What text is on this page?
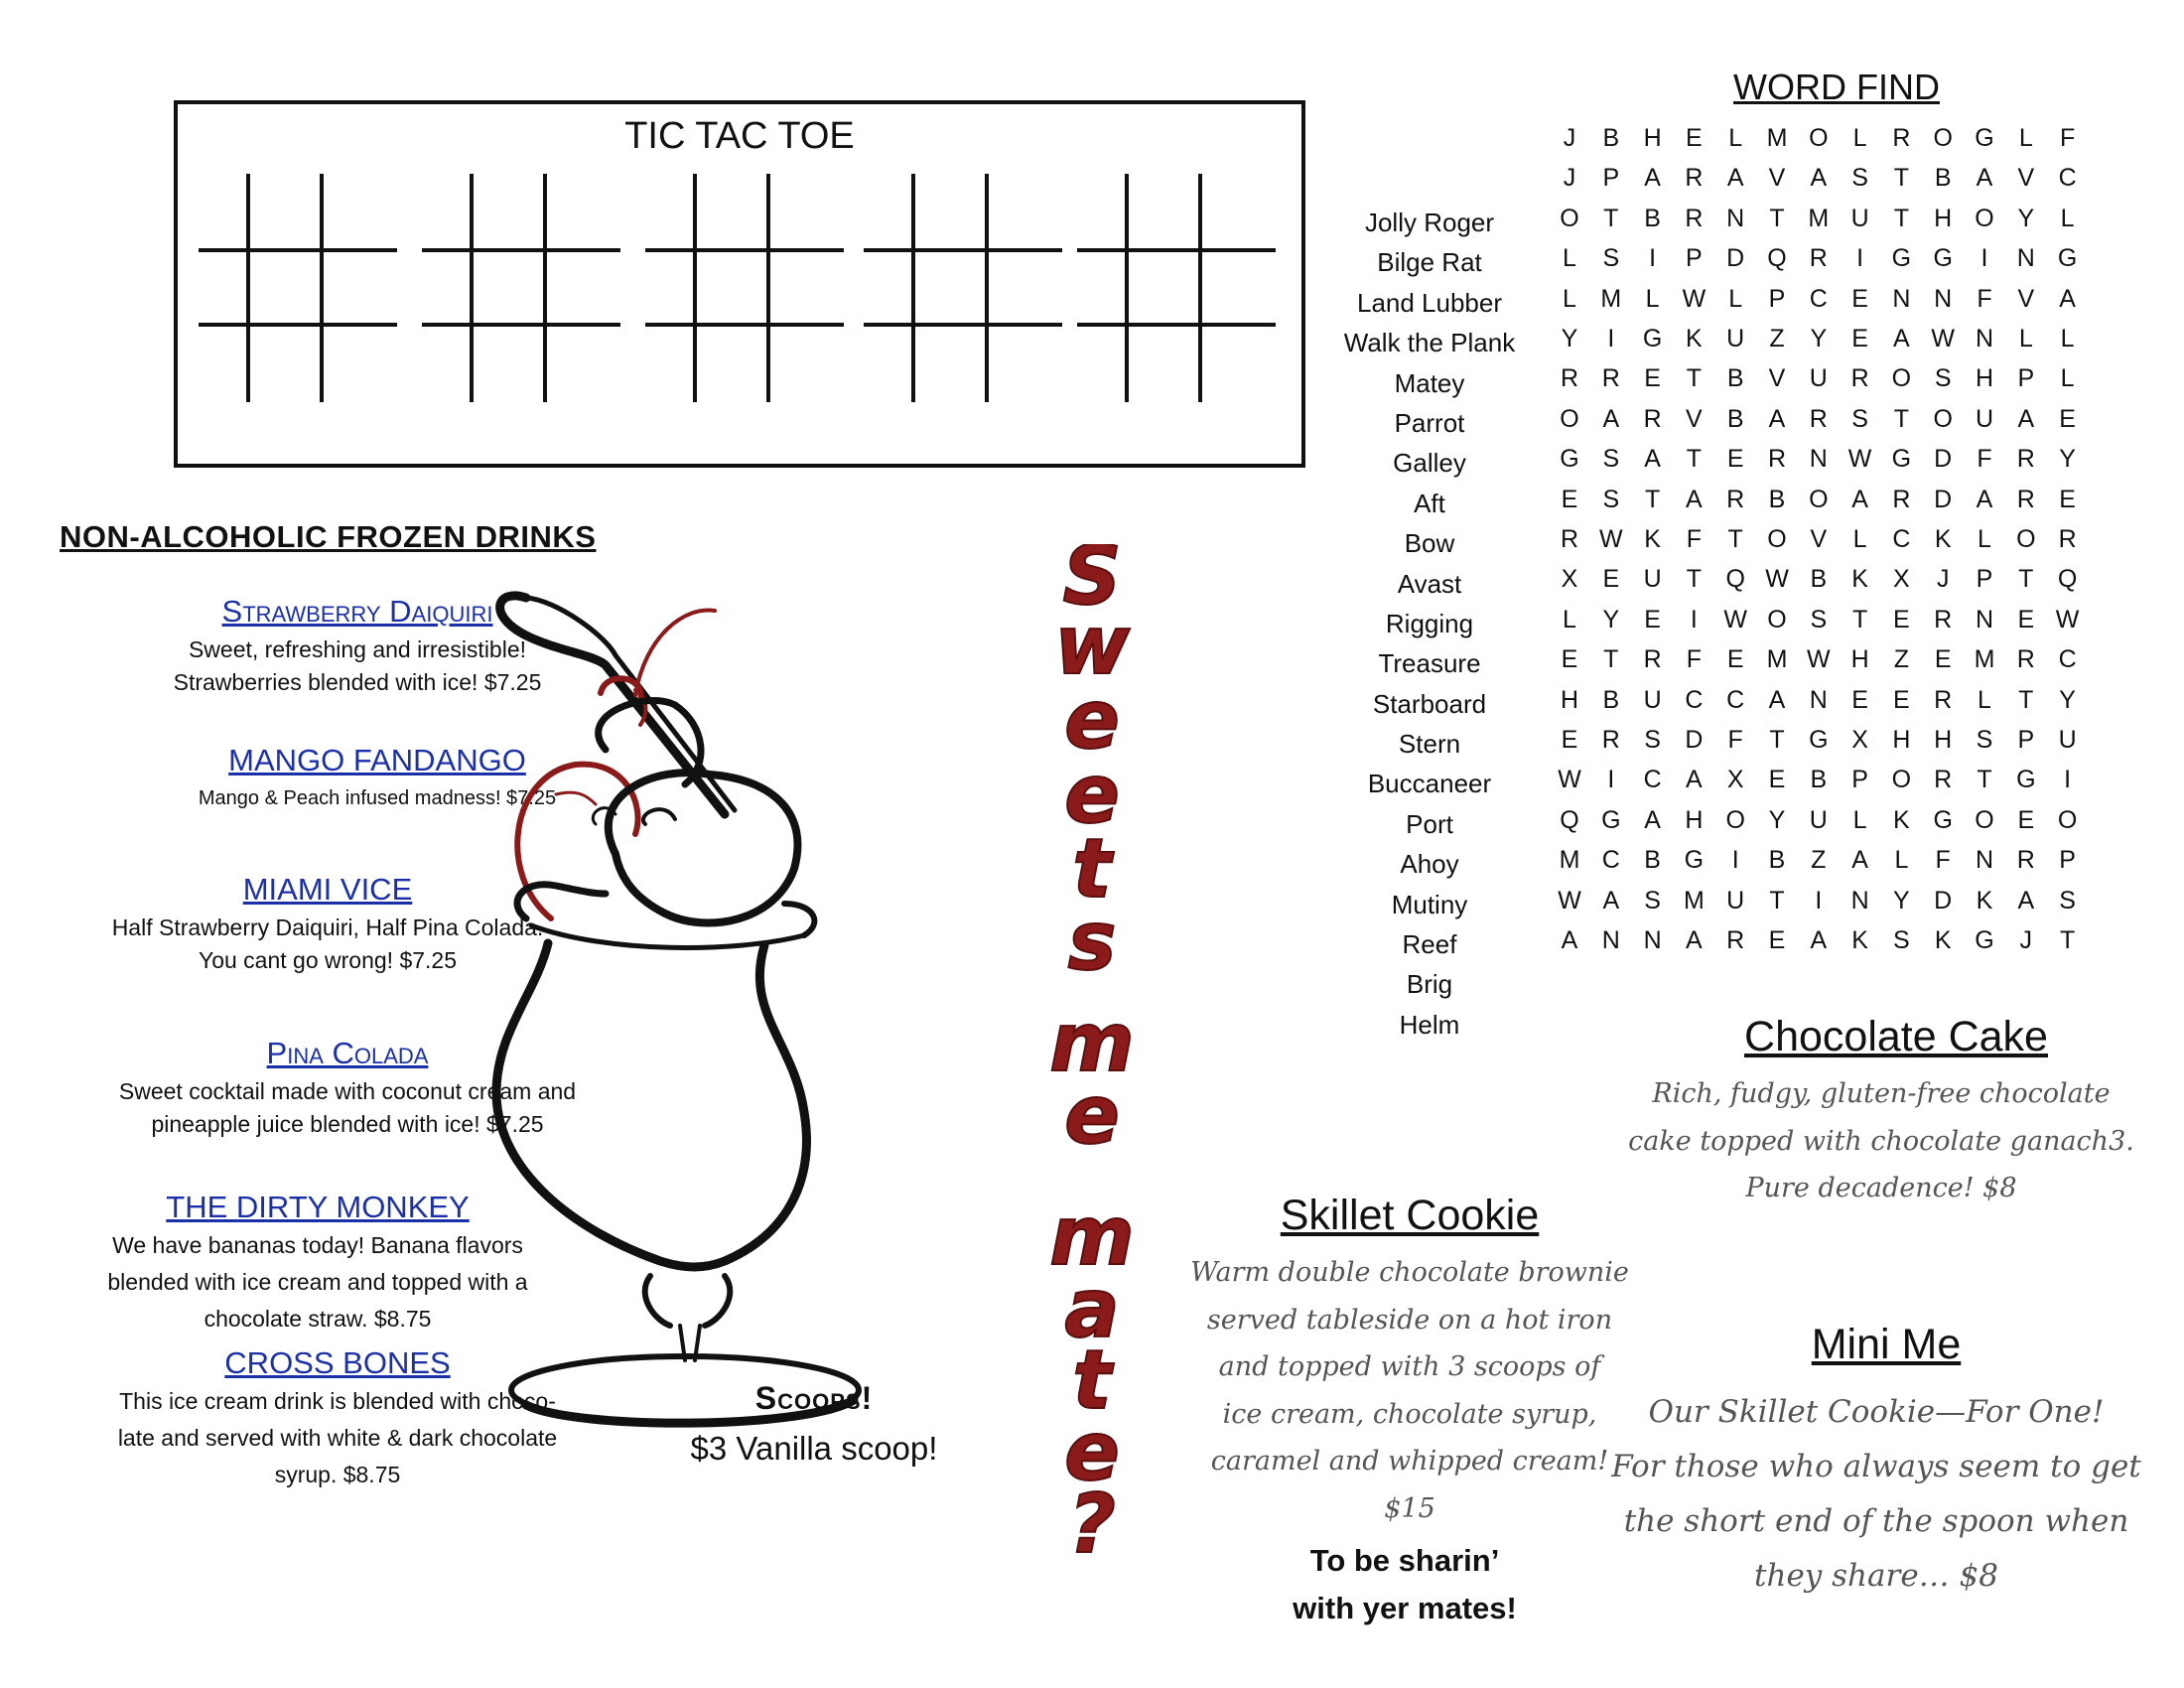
TIC TAC TOE
NON-ALCOHOLIC FROZEN DRINKS
Strawberry Daiquiri
Sweet, refreshing and irresistible!
Strawberries blended with ice! $7.25
MANGO FANDANGO
Mango & Peach infused madness! $7.25
MIAMI VICE
Half Strawberry Daiquiri, Half Pina Colada.
You cant go wrong! $7.25
Pina Colada
Sweet cocktail made with coconut cream and
pineapple juice blended with ice! $7.25
THE DIRTY MONKEY
We have bananas today! Banana flavors
blended with ice cream and topped with a
chocolate straw. $8.75
CROSS BONES
This ice cream drink is blended with choco-
late and served with white & dark chocolate
syrup. $8.75
S
w
e
e
t
s
m
e
m
a
t
e
?
Scoops!
$3 Vanilla scoop!
WORD FIND
Jolly Roger
Bilge Rat
Land Lubber
Walk the Plank
Matey
Parrot
Galley
Aft
Bow
Avast
Rigging
Treasure
Starboard
Stern
Buccaneer
Port
Ahoy
Mutiny
Reef
Brig
Helm
J	B H E	L M O	L	R O G	L	F
J	P	A R A	V	A	S	T	B	A	V C
O T	B R N	T M U	T	H O Y	L
L	S	I	P D Q R	I	G G	I	N G
L M L W L	P C E N N	F	V	A
Y	I	G K U	Z	Y	E	A W N	L	L
R R E	T	B	V U R O S H P	L
O A R V	B	A R S	T O U A	E
G S	A	T	E R N W G D	F	R Y
E	S	T	A R B O A R D A R E
R W K	F	T O V	L	C K	L	O R
X	E U	T Q W B	K	X	J	P	T Q
L	Y	E	I	W O S	T	E R N E W
E	T	R	F	E M W H	Z	E M R C
H B U C C A N E	E R	L	T	Y
E R S D	F	T G X H H S	P U
W	I	C A	X	E	B	P O R	T G	I
Q G A H O Y U	L	K G O E O
M C B G	I	B	Z	A	L	F	N R P
W A	S M U	T	I	N Y D K	A	S
A N N A R E	A	K	S	K G	J	T
Chocolate Cake
Rich, fudgy, gluten-free chocolate
cake topped with chocolate ganach3.
Pure decadence! $8
Skillet Cookie
Warm double chocolate brownie
served tableside on a hot iron
and topped with 3 scoops of
ice cream, chocolate syrup,
caramel and whipped cream!
$15
To be sharin’
with yer mates!
Mini Me
Our Skillet Cookie—For One!
For those who always seem to get
the short end of the spoon when
they share… $8
